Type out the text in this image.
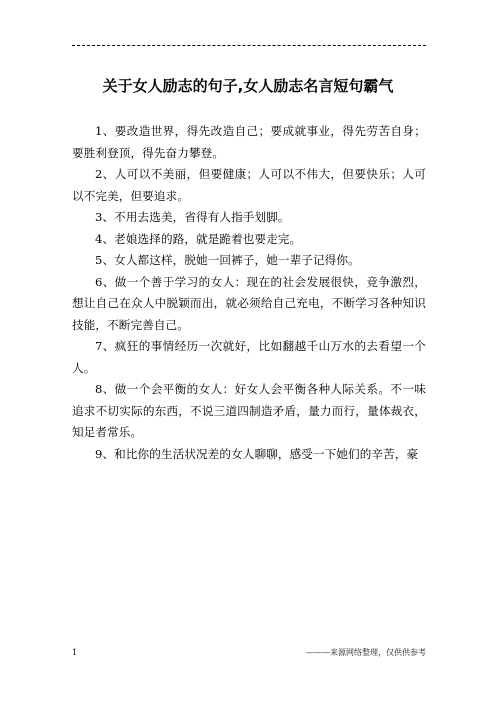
关于女人励志的句子,女人励志名言短句霸气

1、要改造世界，得先改造自己；要成就事业，得先劳苦自身；要胜利登顶，得先奋力攀登。

2、人可以不美丽，但要健康；人可以不伟大，但要快乐；人可以不完美，但要追求。

3、不用去选美，省得有人指手划脚。

4、老娘选择的路，就是跪着也要走完。

5、女人都这样，脱她一回裤子，她一辈子记得你。

6、做一个善于学习的女人：现在的社会发展很快，竞争激烈，想让自己在众人中脱颖而出，就必须给自己充电，不断学习各种知识技能，不断完善自己。

7、疯狂的事情经历一次就好，比如翻越千山万水的去看望一个人。

8、做一个会平衡的女人：好女人会平衡各种人际关系。不一味追求不切实际的东西，不说三道四制造矛盾，量力而行，量体裁衣，知足者常乐。

9、和比你的生活状况差的女人聊聊，感受一下她们的辛苦，豪

1	———来源网络整理，仅供供参考
